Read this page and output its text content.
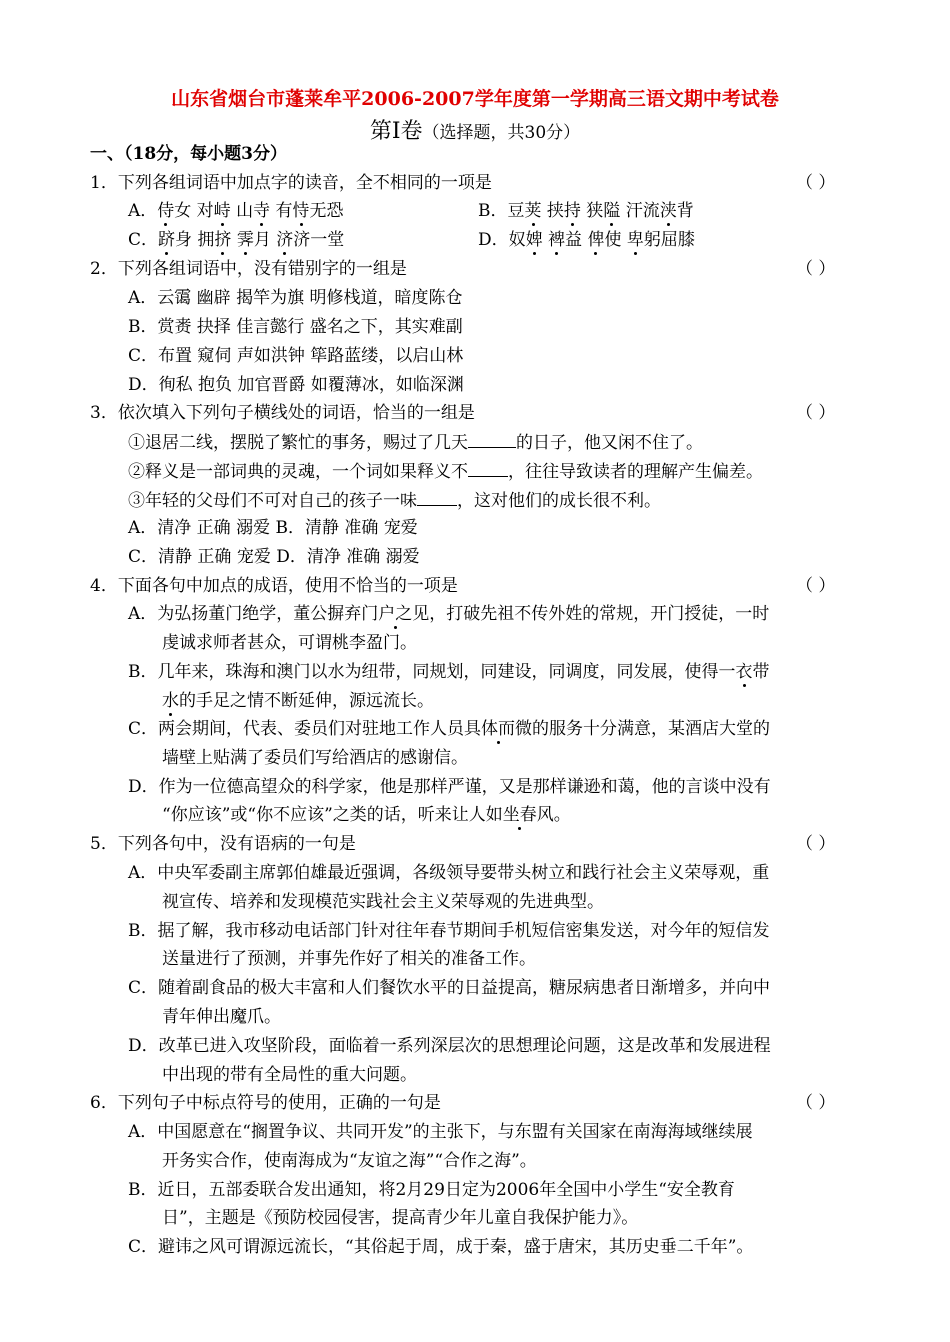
山东省烟台市蓬莱牟平2006-2007学年度第一学期高三语文期中考试卷
第Ⅰ卷（选择题，共30分）
一、（18分，每小题3分）
1．下列各组词语中加点字的读音，全不相同的一项是	（ ）
A．侍女 对峙 山寺 有恃无恐	B．豆荚 挟持 狭隘 汗流浃背
C．跻身 拥挤 霁月 济济一堂	D．奴婢 裨益 俾使 卑躬屈膝
2．下列各组词语中，没有错别字的一组是	（ ）
A．云霭 幽辟 揭竿为旗 明修栈道，暗度陈仓
B．赏赉 抉择 佳言懿行 盛名之下，其实难副
C．布置 窥伺 声如洪钟 筚路蓝缕，以启山林
D．徇私 抱负 加官晋爵 如覆薄冰，如临深渊
3．依次填入下列句子横线处的词语，恰当的一组是	（ ）
①退居二线，摆脱了繁忙的事务，赐过了几天	的日子，他又闲不住了。
②释义是一部词典的灵魂，一个词如果释义不 ，往往导致读者的理解产生偏差。
③年轻的父母们不可对自己的孩子一味 ，这对他们的成长很不利。
A．清净 正确 溺爱 B．清静 准确 宠爱
C．清静 正确 宠爱 D．清净 准确 溺爱
4．下面各句中加点的成语，使用不恰当的一项是	（ ）
A．为弘扬董门绝学，董公摒弃门户之见，打破先祖不传外姓的常规，开门授徒，一时
虔诚求师者甚众，可谓桃李盈门。
B．几年来，珠海和澳门以水为纽带，同规划，同建设，同调度，同发展，使得一衣带
水的手足之情不断延伸，源远流长。
C．两会期间，代表、委员们对驻地工作人员具体而微的服务十分满意，某酒店大堂的
墙壁上贴满了委员们写给酒店的感谢信。
D．作为一位德高望众的科学家，他是那样严谨，又是那样谦逊和蔼，他的言谈中没有
“你应该”或“你不应该”之类的话，听来让人如坐春风。
5．下列各句中，没有语病的一句是	（ ）
A．中央军委副主席郭伯雄最近强调，各级领导要带头树立和践行社会主义荣辱观，重
视宣传、培养和发现模范实践社会主义荣辱观的先进典型。
B．据了解，我市移动电话部门针对往年春节期间手机短信密集发送，对今年的短信发
送量进行了预测，并事先作好了相关的准备工作。
C．随着副食品的极大丰富和人们餐饮水平的日益提高，糖尿病患者日渐增多，并向中
青年伸出魔爪。
D．改革已进入攻坚阶段，面临着一系列深层次的思想理论问题，这是改革和发展进程
中出现的带有全局性的重大问题。
6．下列句子中标点符号的使用，正确的一句是	（ ）
A．中国愿意在“搁置争议、共同开发”的主张下，与东盟有关国家在南海海域继续展
开务实合作，使南海成为“友谊之海”“合作之海”。
B．近日，五部委联合发出通知，将2月29日定为2006年全国中小学生“安全教育
日”，主题是《预防校园侵害，提高青少年儿童自我保护能力》。
C．避讳之风可谓源远流长，“其俗起于周，成于秦，盛于唐宋，其历史垂二千年”。
